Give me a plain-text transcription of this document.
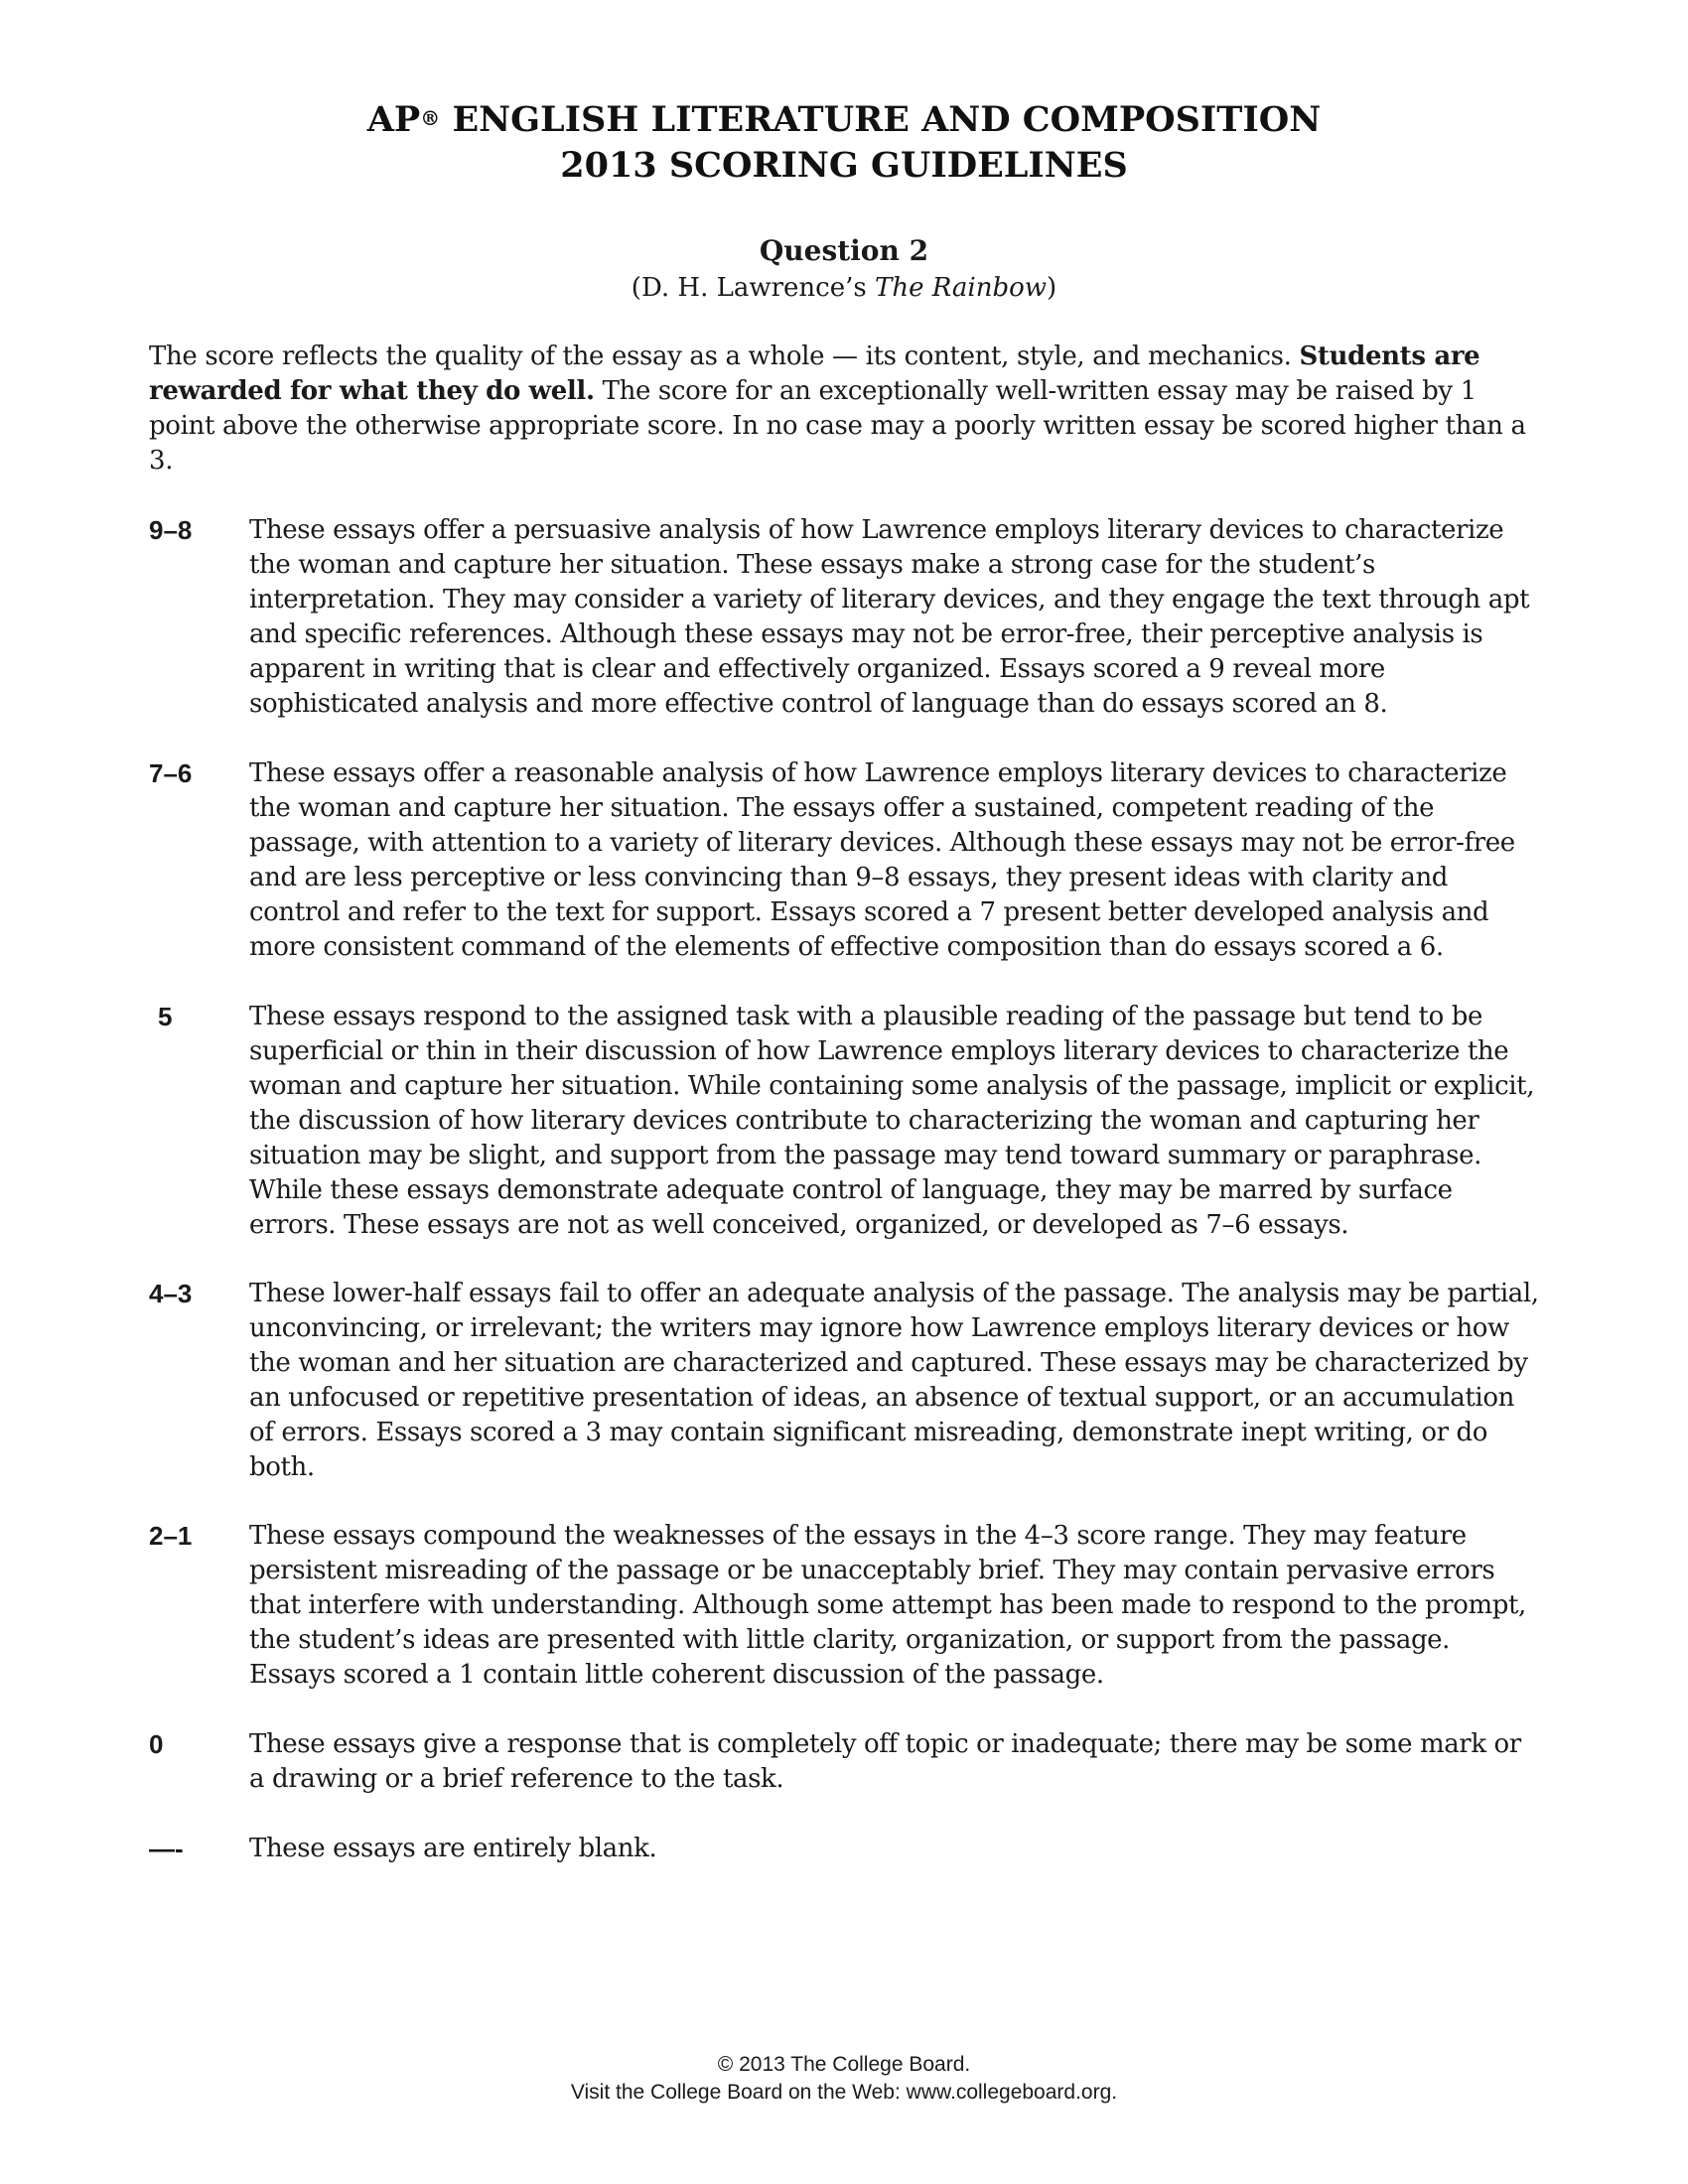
AP® ENGLISH LITERATURE AND COMPOSITION
2013 SCORING GUIDELINES
Question 2
(D. H. Lawrence’s The Rainbow)
The score reflects the quality of the essay as a whole — its content, style, and mechanics. Students are rewarded for what they do well. The score for an exceptionally well-written essay may be raised by 1 point above the otherwise appropriate score. In no case may a poorly written essay be scored higher than a 3.
9–8	These essays offer a persuasive analysis of how Lawrence employs literary devices to characterize the woman and capture her situation. These essays make a strong case for the student’s interpretation. They may consider a variety of literary devices, and they engage the text through apt and specific references. Although these essays may not be error-free, their perceptive analysis is apparent in writing that is clear and effectively organized. Essays scored a 9 reveal more sophisticated analysis and more effective control of language than do essays scored an 8.
7–6	These essays offer a reasonable analysis of how Lawrence employs literary devices to characterize the woman and capture her situation. The essays offer a sustained, competent reading of the passage, with attention to a variety of literary devices. Although these essays may not be error-free and are less perceptive or less convincing than 9–8 essays, they present ideas with clarity and control and refer to the text for support. Essays scored a 7 present better developed analysis and more consistent command of the elements of effective composition than do essays scored a 6.
5	These essays respond to the assigned task with a plausible reading of the passage but tend to be superficial or thin in their discussion of how Lawrence employs literary devices to characterize the woman and capture her situation. While containing some analysis of the passage, implicit or explicit, the discussion of how literary devices contribute to characterizing the woman and capturing her situation may be slight, and support from the passage may tend toward summary or paraphrase. While these essays demonstrate adequate control of language, they may be marred by surface errors. These essays are not as well conceived, organized, or developed as 7–6 essays.
4–3	These lower-half essays fail to offer an adequate analysis of the passage. The analysis may be partial, unconvincing, or irrelevant; the writers may ignore how Lawrence employs literary devices or how the woman and her situation are characterized and captured. These essays may be characterized by an unfocused or repetitive presentation of ideas, an absence of textual support, or an accumulation of errors. Essays scored a 3 may contain significant misreading, demonstrate inept writing, or do both.
2–1	These essays compound the weaknesses of the essays in the 4–3 score range. They may feature persistent misreading of the passage or be unacceptably brief. They may contain pervasive errors that interfere with understanding. Although some attempt has been made to respond to the prompt, the student’s ideas are presented with little clarity, organization, or support from the passage. Essays scored a 1 contain little coherent discussion of the passage.
0	These essays give a response that is completely off topic or inadequate; there may be some mark or a drawing or a brief reference to the task.
—-	These essays are entirely blank.
© 2013 The College Board.
Visit the College Board on the Web: www.collegeboard.org.
